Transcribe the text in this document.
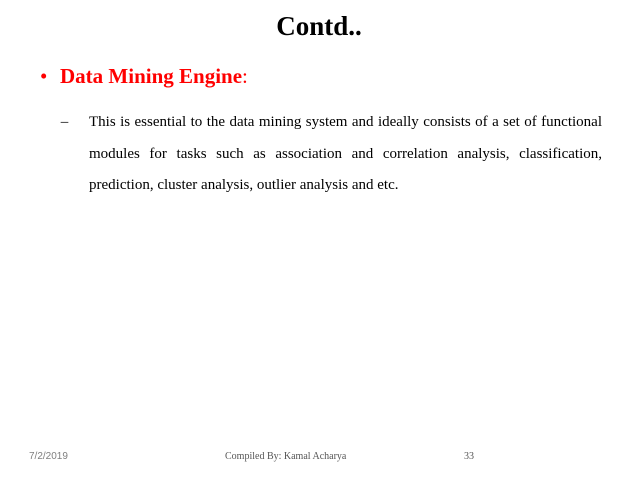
Contd..
• Data Mining Engine:
–	This is essential to the data mining system and ideally consists of a set of functional modules for tasks such as association and correlation analysis, classification, prediction, cluster analysis, outlier analysis and etc.
7/2/2019	Compiled By: Kamal Acharya	33
